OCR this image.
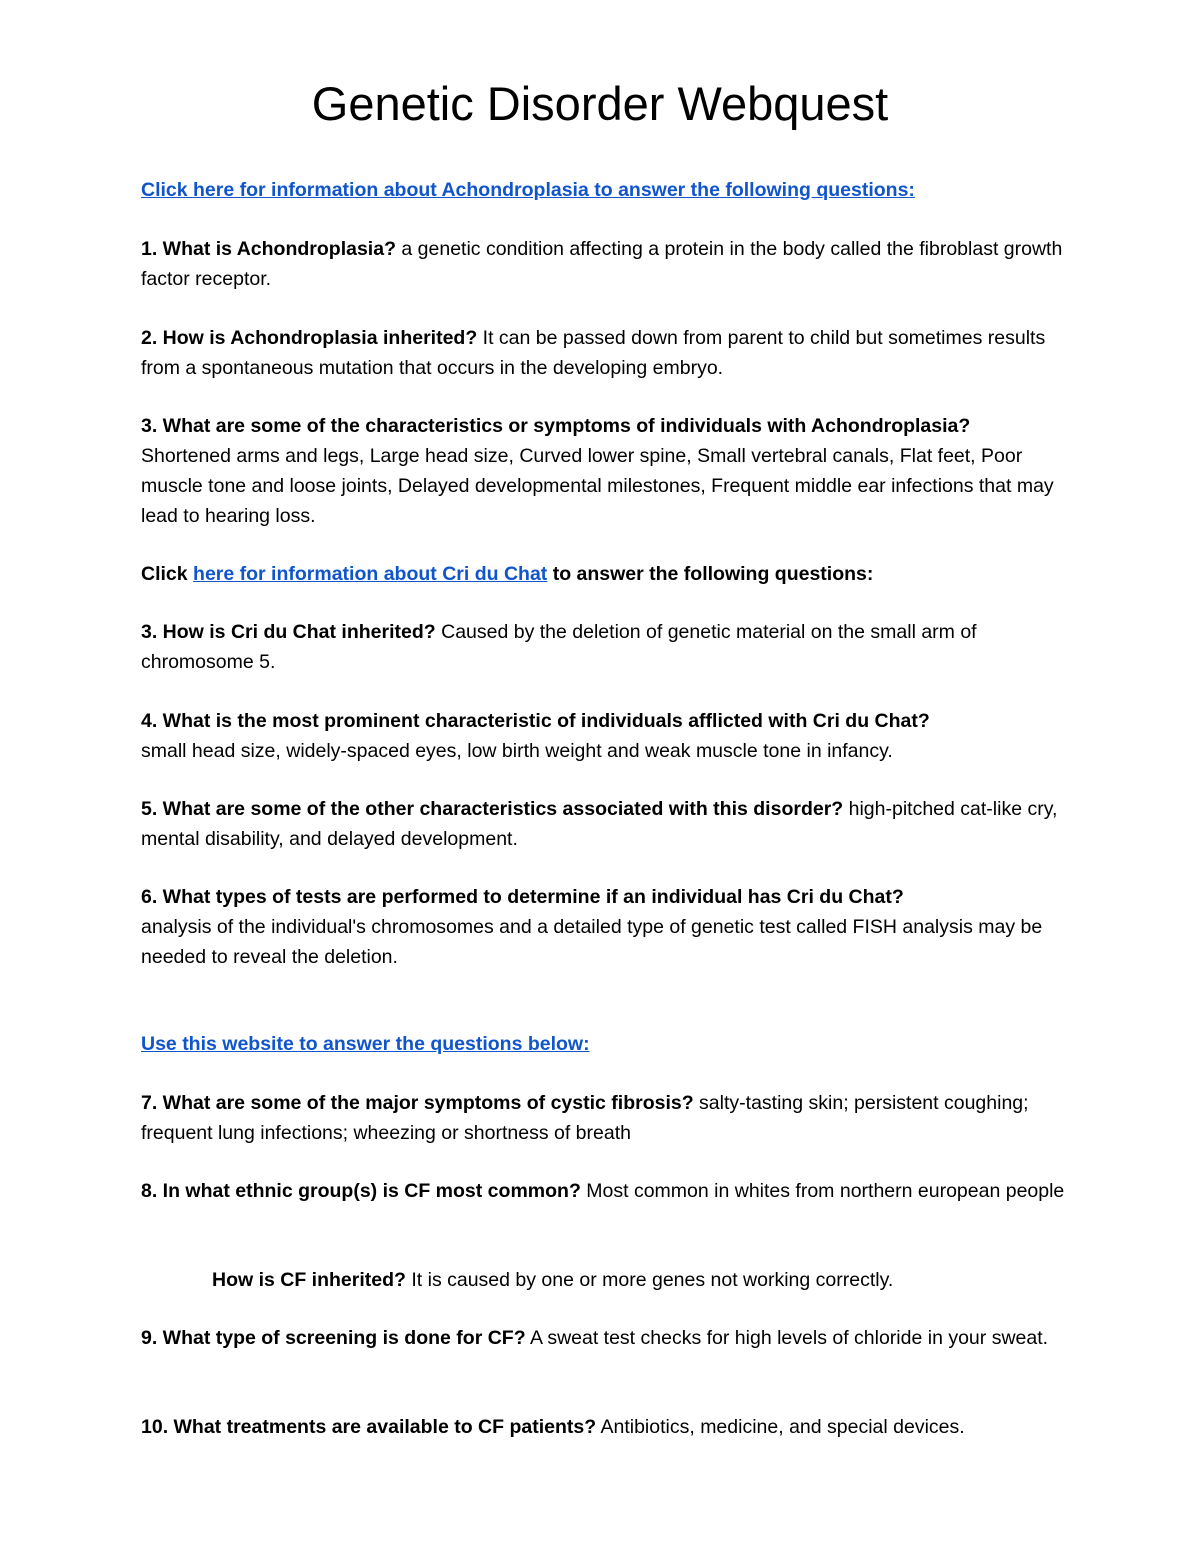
Genetic Disorder Webquest

Click here for information about Achondroplasia to answer the following questions:

1. What is Achondroplasia? a genetic condition affecting a protein in the body called the fibroblast growth factor receptor.

2. How is Achondroplasia inherited? It can be passed down from parent to child but sometimes results from a spontaneous mutation that occurs in the developing embryo.

3. What are some of the characteristics or symptoms of individuals with Achondroplasia?
Shortened arms and legs, Large head size, Curved lower spine, Small vertebral canals, Flat feet, Poor muscle tone and loose joints, Delayed developmental milestones, Frequent middle ear infections that may lead to hearing loss.

Click here for information about Cri du Chat to answer the following questions:

3. How is Cri du Chat inherited? Caused by the deletion of genetic material on the small arm of chromosome 5.

4. What is the most prominent characteristic of individuals afflicted with Cri du Chat?
small head size, widely-spaced eyes, low birth weight and weak muscle tone in infancy.

5. What are some of the other characteristics associated with this disorder? high-pitched cat-like cry, mental disability, and delayed development.

6. What types of tests are performed to determine if an individual has Cri du Chat?
analysis of the individual's chromosomes and a detailed type of genetic test called FISH analysis may be needed to reveal the deletion.

Use this website to answer the questions below:

7. What are some of the major symptoms of cystic fibrosis? salty-tasting skin; persistent coughing; frequent lung infections; wheezing or shortness of breath

8. In what ethnic group(s) is CF most common? Most common in whites from northern european people

How is CF inherited? It is caused by one or more genes not working correctly.

9. What type of screening is done for CF? A sweat test checks for high levels of chloride in your sweat.

10. What treatments are available to CF patients? Antibiotics, medicine, and special devices.
